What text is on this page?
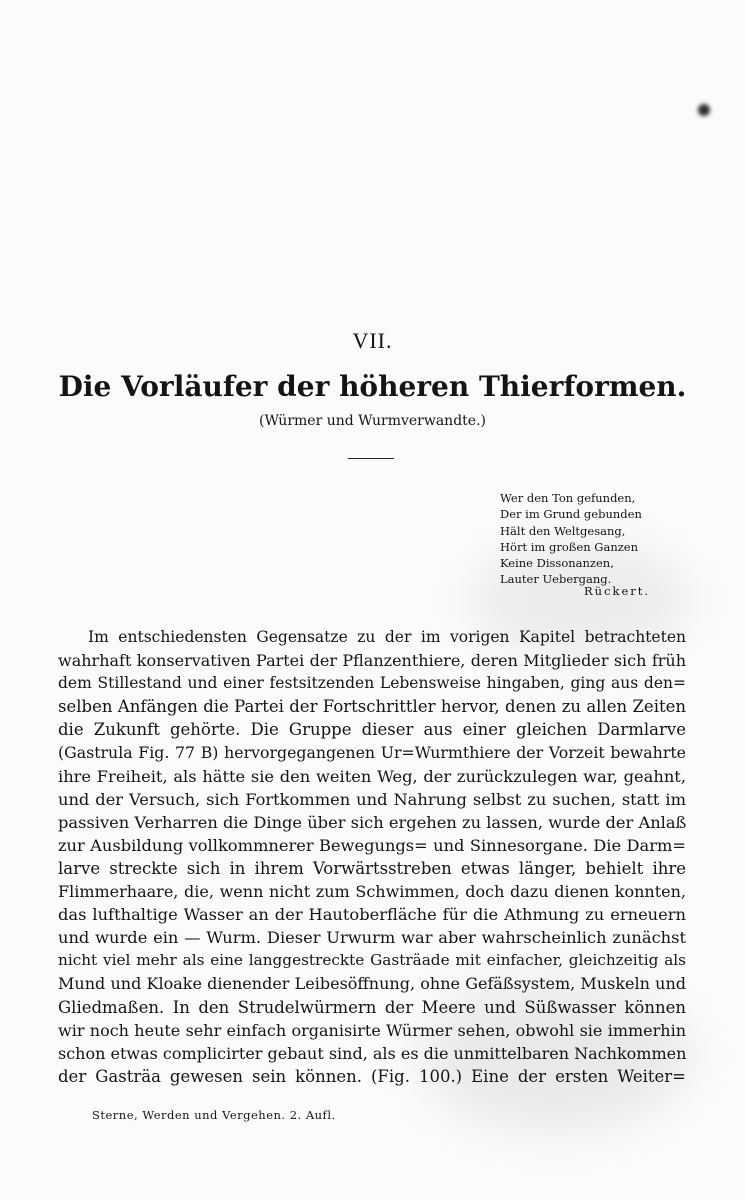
VII.
Die Vorläufer der höheren Thierformen.
(Würmer und Wurmverwandte.)
Wer den Ton gefunden,
Der im Grund gebunden
Hält den Weltgesang,
Hört im großen Ganzen
Keine Dissonanzen,
Lauter Uebergang.
Rückert.
Im entschiedensten Gegensatze zu der im vorigen Kapitel betrachteten
wahrhaft konservativen Partei der Pflanzenthiere, deren Mitglieder sich früh
dem Stillestand und einer festsitzenden Lebensweise hingaben, ging aus den=
selben Anfängen die Partei der Fortschrittler hervor, denen zu allen Zeiten
die Zukunft gehörte. Die Gruppe dieser aus einer gleichen Darmlarve
(Gastrula Fig. 77 B) hervorgegangenen Ur=Wurmthiere der Vorzeit bewahrte
ihre Freiheit, als hätte sie den weiten Weg, der zurückzulegen war, geahnt,
und der Versuch, sich Fortkommen und Nahrung selbst zu suchen, statt im
passiven Verharren die Dinge über sich ergehen zu lassen, wurde der Anlaß
zur Ausbildung vollkommnerer Bewegungs= und Sinnesorgane. Die Darm=
larve streckte sich in ihrem Vorwärtsstreben etwas länger, behielt ihre
Flimmerhaare, die, wenn nicht zum Schwimmen, doch dazu dienen konnten,
das lufthaltige Wasser an der Hautoberfläche für die Athmung zu erneuern
und wurde ein — Wurm. Dieser Urwurm war aber wahrscheinlich zunächst
nicht viel mehr als eine langgestreckte Gasträade mit einfacher, gleichzeitig als
Mund und Kloake dienender Leibesöffnung, ohne Gefäßsystem, Muskeln und
Gliedmaßen. In den Strudelwürmern der Meere und Süßwasser können
wir noch heute sehr einfach organisirte Würmer sehen, obwohl sie immerhin
schon etwas complicirter gebaut sind, als es die unmittelbaren Nachkommen
der Gasträa gewesen sein können. (Fig. 100.) Eine der ersten Weiter=
Sterne, Werden und Vergehen. 2. Aufl.
